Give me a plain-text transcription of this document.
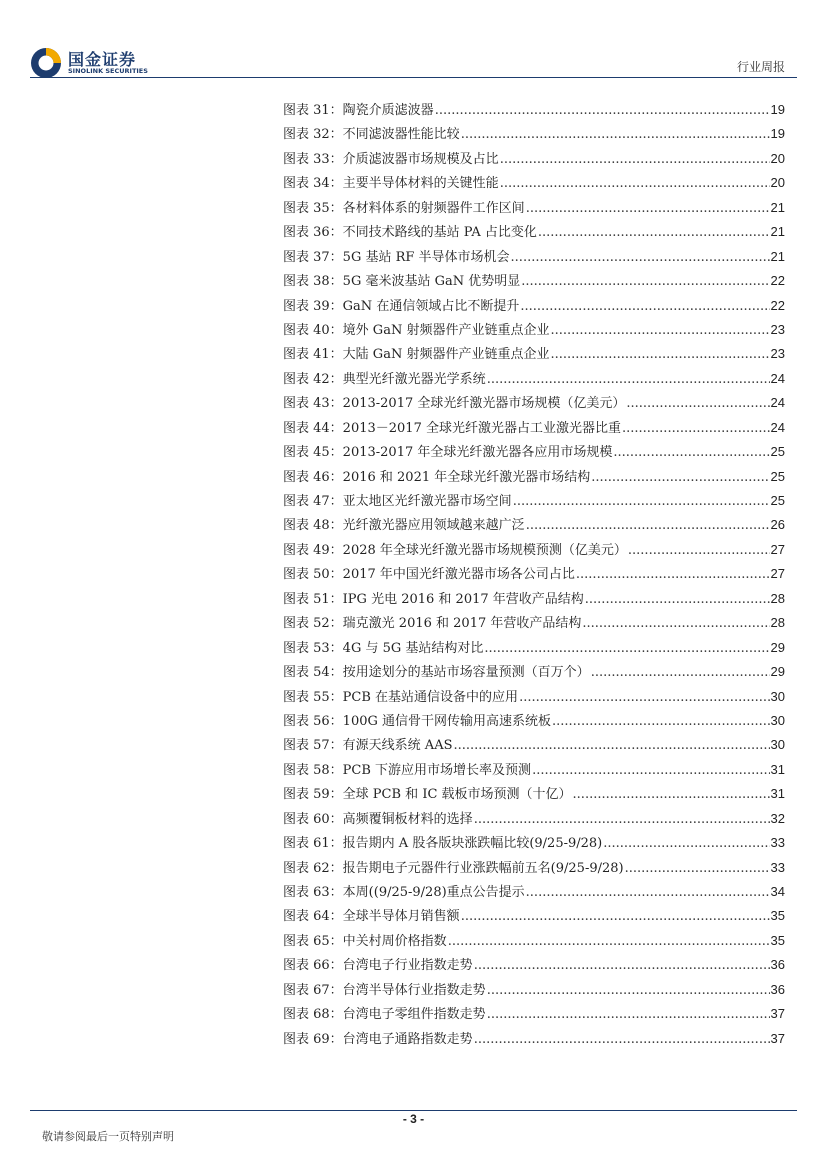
国金证券
SINOLINK SECURITIES	行业周报
图表 31：陶瓷介质滤波器 .....	19
图表 32：不同滤波器性能比较 .....	19
图表 33：介质滤波器市场规模及占比 .....	20
图表 34：主要半导体材料的关键性能 .....	20
图表 35：各材料体系的射频器件工作区间 .....	21
图表 36：不同技术路线的基站 PA 占比变化 .....	21
图表 37：5G 基站 RF 半导体市场机会 .....	21
图表 38：5G 毫米波基站 GaN 优势明显 .....	22
图表 39：GaN 在通信领域占比不断提升 .....	22
图表 40：境外 GaN 射频器件产业链重点企业 .....	23
图表 41：大陆 GaN 射频器件产业链重点企业 .....	23
图表 42：典型光纤激光器光学系统 .....	24
图表 43：2013-2017 全球光纤激光器市场规模（亿美元） .....	24
图表 44：2013－2017 全球光纤激光器占工业激光器比重 .....	24
图表 45：2013-2017 年全球光纤激光器各应用市场规模 .....	25
图表 46：2016 和 2021 年全球光纤激光器市场结构 .....	25
图表 47：亚太地区光纤激光器市场空间 .....	25
图表 48：光纤激光器应用领域越来越广泛 .....	26
图表 49：2028 年全球光纤激光器市场规模预测（亿美元） .....	27
图表 50：2017 年中国光纤激光器市场各公司占比 .....	27
图表 51：IPG 光电 2016 和 2017 年营收产品结构 .....	28
图表 52：瑞克激光 2016 和 2017 年营收产品结构 .....	28
图表 53：4G 与 5G 基站结构对比 .....	29
图表 54：按用途划分的基站市场容量预测（百万个） .....	29
图表 55：PCB 在基站通信设备中的应用 .....	30
图表 56：100G 通信骨干网传输用高速系统板 .....	30
图表 57：有源天线系统 AAS .....	30
图表 58：PCB 下游应用市场增长率及预测 .....	31
图表 59：全球 PCB 和 IC 载板市场预测（十亿） .....	31
图表 60：高频覆铜板材料的选择 .....	32
图表 61：报告期内 A 股各版块涨跌幅比较(9/25-9/28) .....	33
图表 62：报告期电子元器件行业涨跌幅前五名(9/25-9/28) .....	33
图表 63：本周((9/25-9/28)重点公告提示 .....	34
图表 64：全球半导体月销售额 .....	35
图表 65：中关村周价格指数 .....	35
图表 66：台湾电子行业指数走势 .....	36
图表 67：台湾半导体行业指数走势 .....	36
图表 68：台湾电子零组件指数走势 .....	37
图表 69：台湾电子通路指数走势 .....	37
- 3 -
敬请参阅最后一页特别声明
